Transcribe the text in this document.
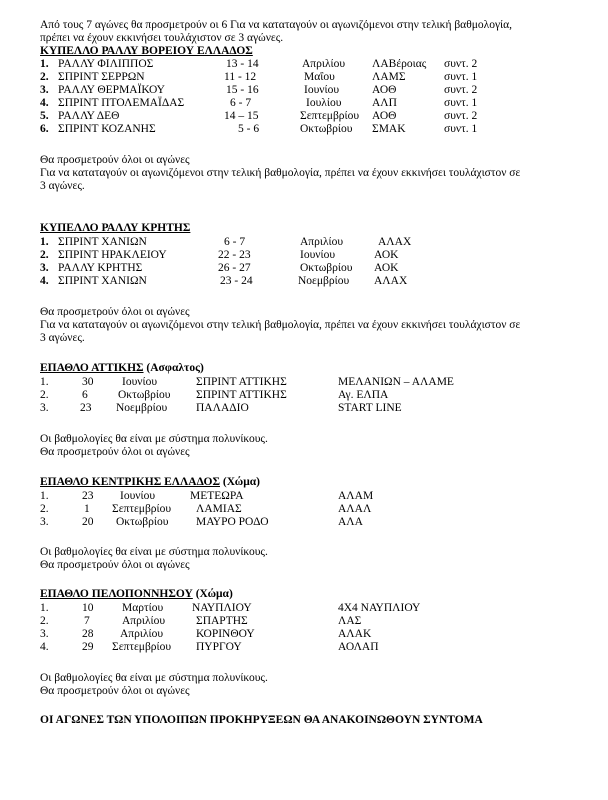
Από τους 7 αγώνες θα προσμετρούν οι 6 Για να καταταγούν οι αγωνιζόμενοι στην τελική βαθμολογία,
πρέπει να έχουν εκκινήσει τουλάχιστον σε 3 αγώνες.
ΚΥΠΕΛΛΟ ΡΑΛΛΥ ΒΟΡΕΙΟΥ ΕΛΛΑΔΟΣ
1. ΡΑΛΛΥ ΦΙΛΙΠΠΟΣ	13 - 14	Απριλίου ΛΑΒέροιας συντ. 2
2. ΣΠΡΙΝΤ ΣΕΡΡΩΝ	11 - 12	Μαΐου	ΛΑΜΣ	συντ. 1
3. ΡΑΛΛΥ ΘΕΡΜΑΪΚΟΥ	15 - 16	Ιουνίου	ΑΟΘ	συντ. 2
4. ΣΠΡΙΝΤ ΠΤΟΛΕΜΑΪΔΑΣ	6 - 7	Ιουλίου	ΑΛΠ	συντ. 1
5. ΡΑΛΛΥ ΔΕΘ	14 – 15	Σεπτεμβρίου ΑΟΘ	συντ. 2
6. ΣΠΡΙΝΤ ΚΟΖΑΝΗΣ	5 - 6	Οκτωβρίου ΣΜΑΚ	συντ. 1
Θα προσμετρούν όλοι οι αγώνες
Για να καταταγούν οι αγωνιζόμενοι στην τελική βαθμολογία, πρέπει να έχουν εκκινήσει τουλάχιστον σε
3 αγώνες.
ΚΥΠΕΛΛΟ ΡΑΛΛΥ ΚΡΗΤΗΣ
1. ΣΠΡΙΝΤ ΧΑΝΙΩΝ	6 - 7	Απριλίου	ΑΛΑΧ
2. ΣΠΡΙΝΤ ΗΡΑΚΛΕΙΟΥ	22 - 23	Ιουνίου	ΑΟΚ
3. ΡΑΛΛΥ ΚΡΗΤΗΣ	26 - 27	Οκτωβρίου ΑΟΚ
4. ΣΠΡΙΝΤ ΧΑΝΙΩΝ	23 - 24	Νοεμβρίου ΑΛΑΧ
Θα προσμετρούν όλοι οι αγώνες
Για να καταταγούν οι αγωνιζόμενοι στην τελική βαθμολογία, πρέπει να έχουν εκκινήσει τουλάχιστον σε
3 αγώνες.
ΕΠΑΘΛΟ ΑΤΤΙΚΗΣ (Ασφαλτος)
1.	30 Ιουνίου	ΣΠΡΙΝΤ ΑΤΤΙΚΗΣ	ΜΕΛΑΝΙΩΝ – ΑΛΑΜΕ
2.	6	Οκτωβρίου ΣΠΡΙΝΤ ΑΤΤΙΚΗΣ	Αγ. ΕΛΠΑ
3.	23 Νοεμβρίου	ΠΑΛΑΔΙΟ	START LINE
Οι βαθμολογίες θα είναι με σύστημα πολυνίκους.
Θα προσμετρούν όλοι οι αγώνες
ΕΠΑΘΛΟ ΚΕΝΤΡΙΚΗΣ ΕΛΛΑΔΟΣ (Χώμα)
1.	23 Ιουνίου	ΜΕΤΕΩΡΑ	ΑΛΑΜ
2.	1 Σεπτεμβρίου ΛΑΜΙΑΣ	ΑΛΑΛ
3.	20 Οκτωβρίου ΜΑΥΡΟ ΡΟΔΟ	ΑΛΑ
Οι βαθμολογίες θα είναι με σύστημα πολυνίκους.
Θα προσμετρούν όλοι οι αγώνες
ΕΠΑΘΛΟ ΠΕΛΟΠΟΝΝΗΣΟΥ (Χώμα)
1.	10 Μαρτίου	ΝΑΥΠΛΙΟΥ	4Χ4 ΝΑΥΠΛΙΟΥ
2.	7	Απριλίου	ΣΠΑΡΤΗΣ	ΛΑΣ
3.	28 Απριλίου	ΚΟΡΙΝΘΟΥ	ΑΛΑΚ
4.	29 Σεπτεμβρίου ΠΥΡΓΟΥ	ΑΟΛΑΠ
Οι βαθμολογίες θα είναι με σύστημα πολυνίκους.
Θα προσμετρούν όλοι οι αγώνες
ΟΙ ΑΓΩΝΕΣ ΤΩΝ ΥΠΟΛΟΙΠΩΝ ΠΡΟΚΗΡΥΞΕΩΝ ΘΑ ΑΝΑΚΟΙΝΩΘΟΥΝ ΣΥΝΤΟΜΑ
